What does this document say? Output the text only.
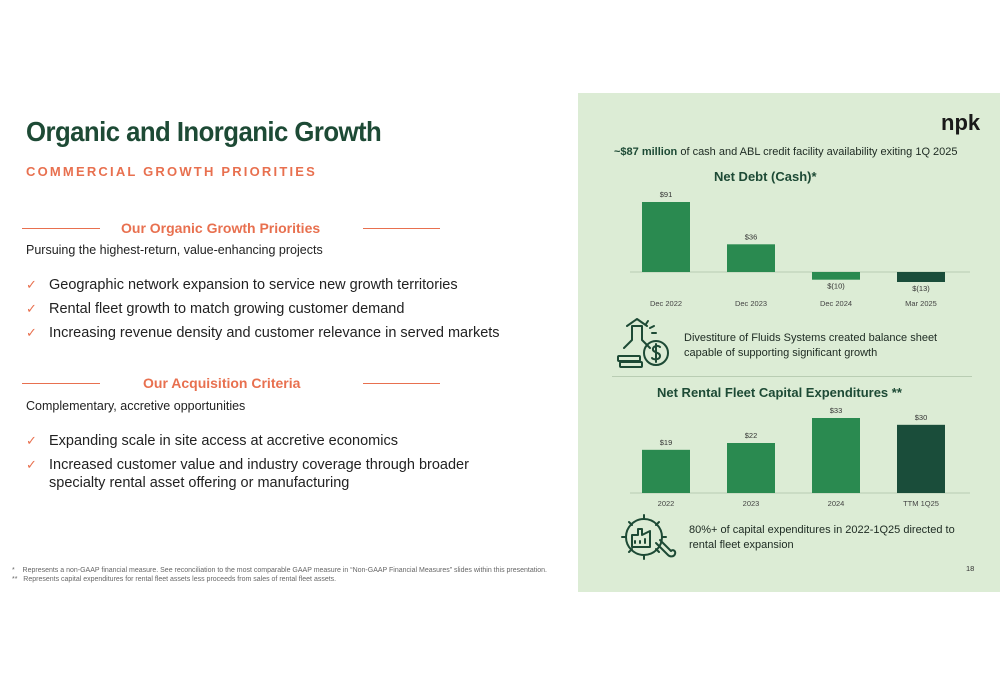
Organic and Inorganic Growth
COMMERCIAL GROWTH PRIORITIES
Our Organic Growth Priorities
Pursuing the highest-return, value-enhancing projects
✓ Geographic network expansion to service new growth territories
✓ Rental fleet growth to match growing customer demand
✓ Increasing revenue density and customer relevance in served markets
Our Acquisition Criteria
Complementary, accretive opportunities
✓ Expanding scale in site access at accretive economics
✓ Increased customer value and industry coverage through broader specialty rental asset offering or manufacturing
npk
~$87 million of cash and ABL credit facility availability exiting 1Q 2025
Net Debt (Cash)*
$91
$36
$(10)	$(13)
Dec 2022	Dec 2023	Dec 2024	Mar 2025
Divestiture of Fluids Systems created balance sheet capable of supporting significant growth
Net Rental Fleet Capital Expenditures **
$19
$22
$33
$30
2022	2023	2024	TTM 1Q25
80%+ of capital expenditures in 2022-1Q25 directed to rental fleet expansion
18
* Represents a non-GAAP financial measure. See reconciliation to the most comparable GAAP measure in “Non-GAAP Financial Measures” slides within this presentation.
** Represents capital expenditures for rental fleet assets less proceeds from sales of rental fleet assets.
